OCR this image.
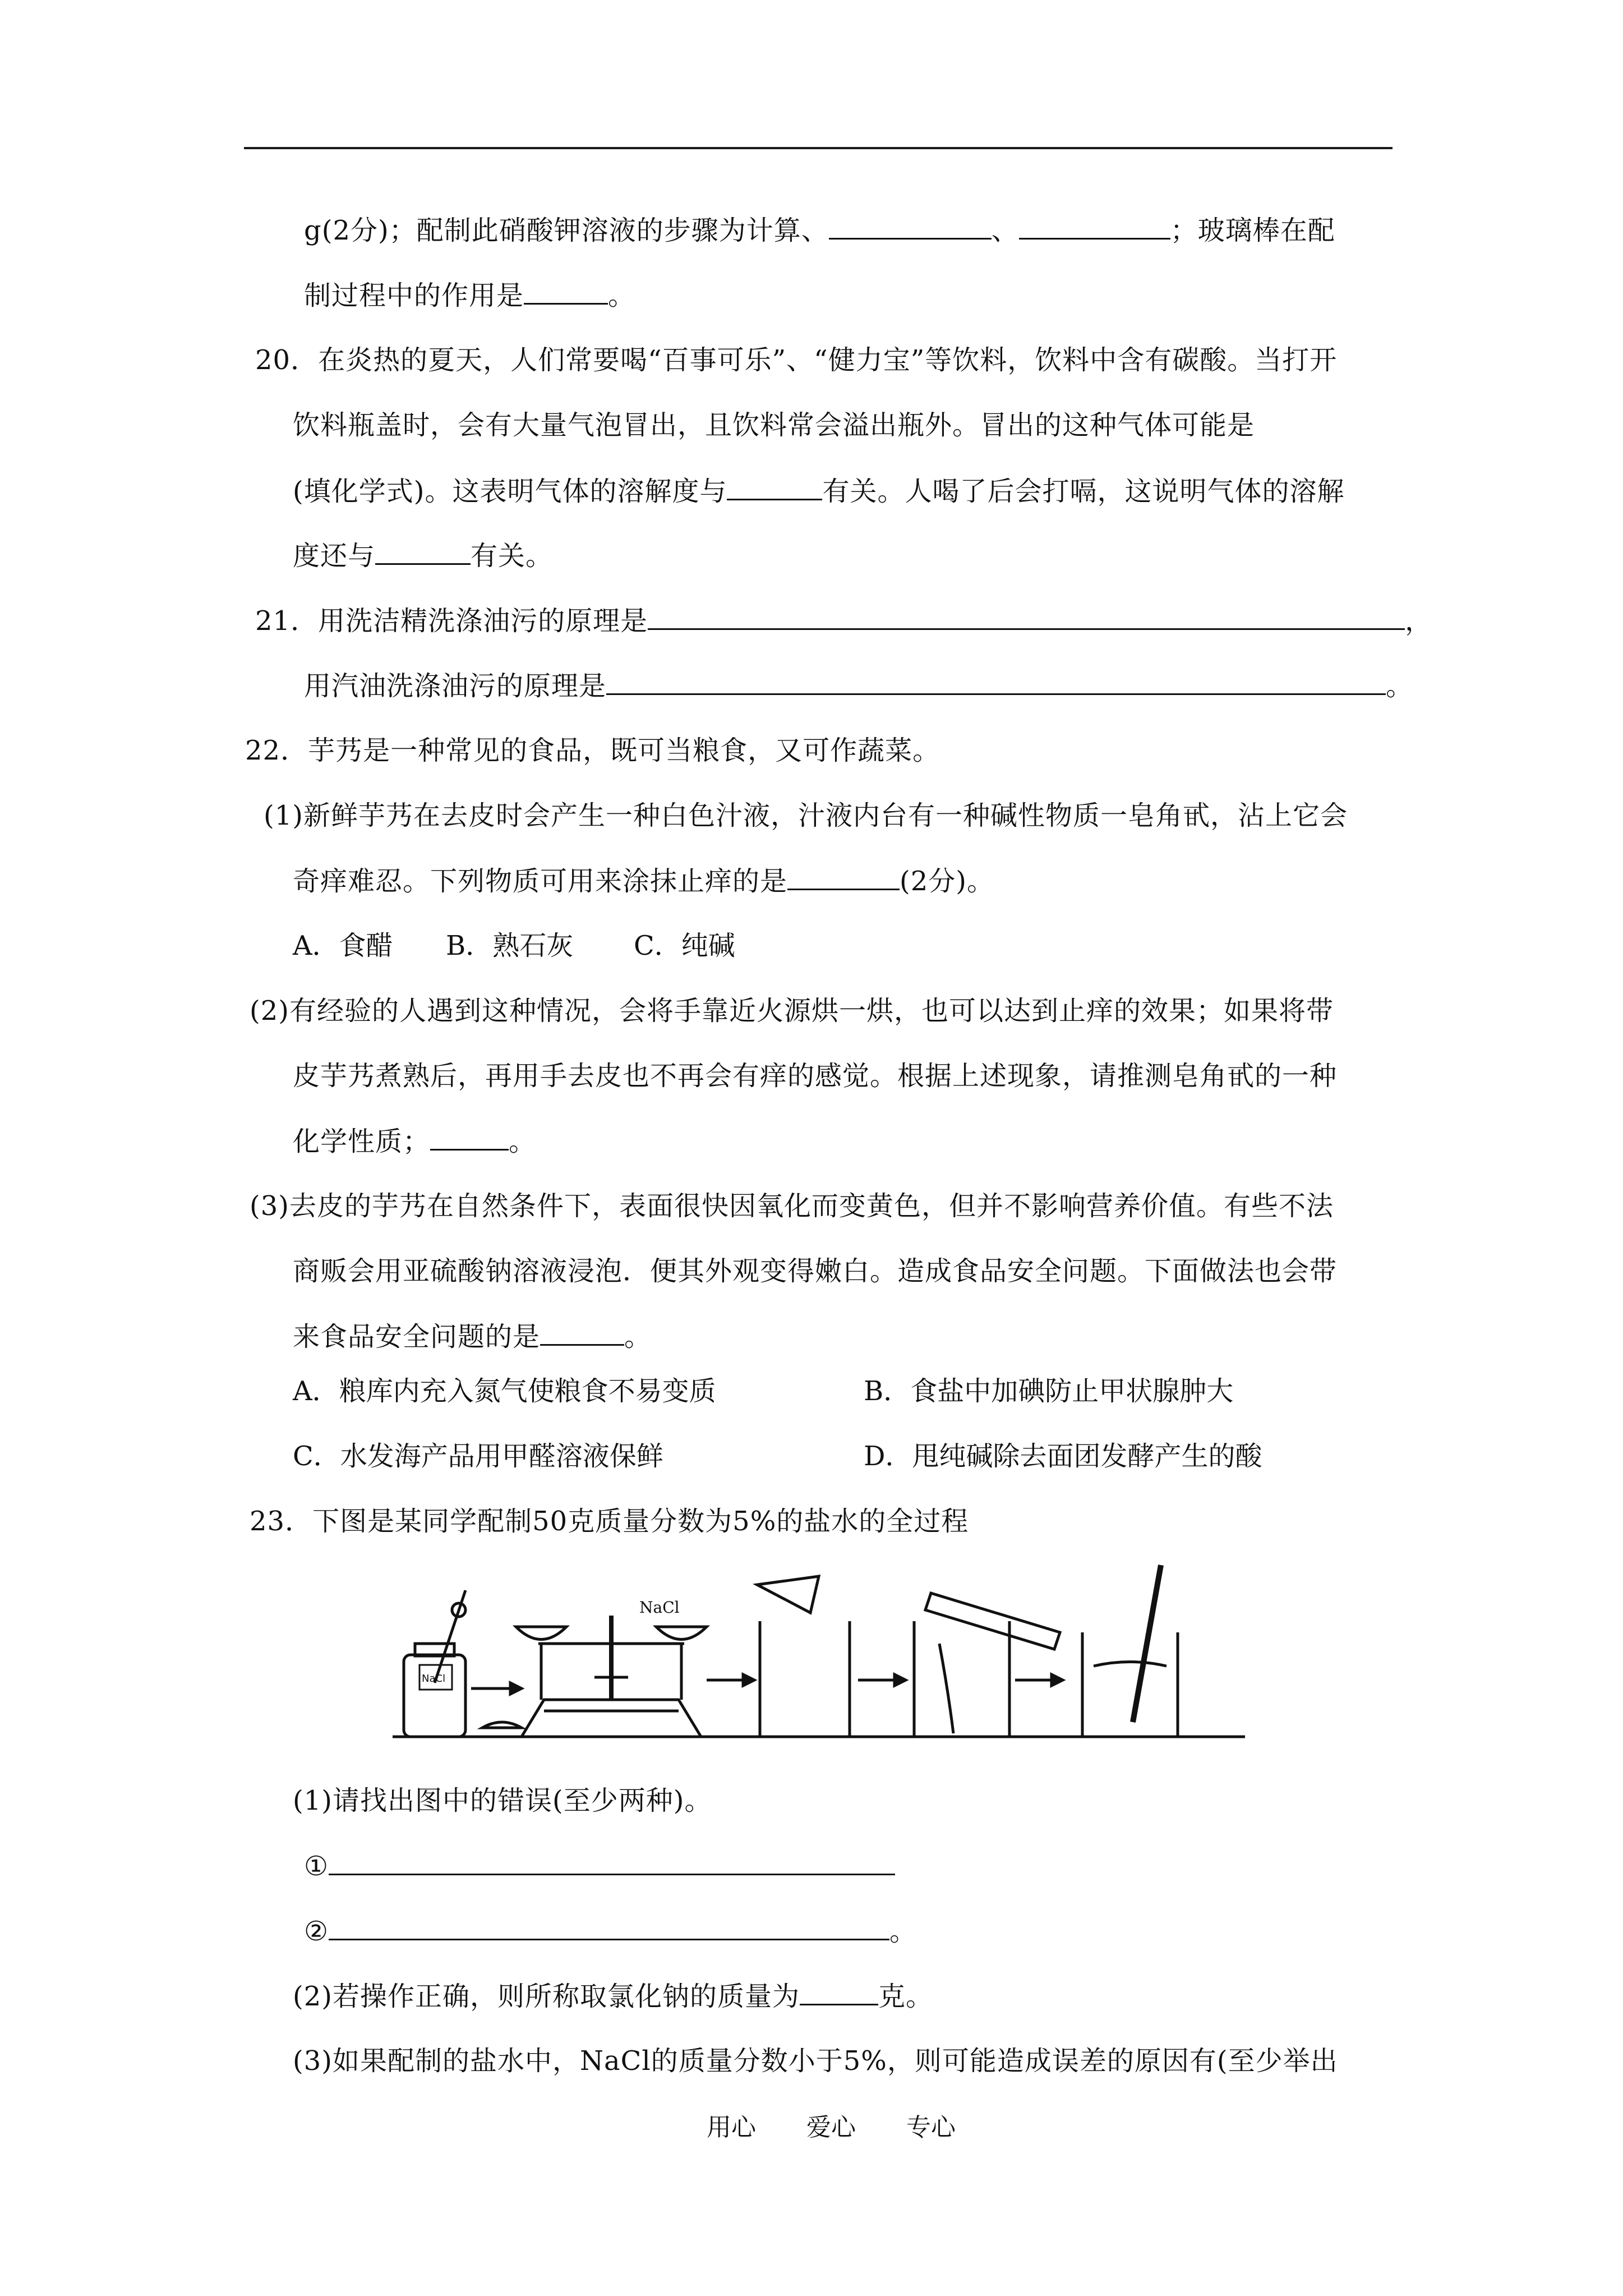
g(2分)；配制此硝酸钾溶液的步骤为计算、	、	；玻璃棒在配
制过程中的作用是	。
20．在炎热的夏天，人们常要喝“百事可乐”、“健力宝”等饮料，饮料中含有碳酸。当打开
饮料瓶盖时，会有大量气泡冒出，且饮料常会溢出瓶外。冒出的这种气体可能是
(填化学式)。这表明气体的溶解度与	有关。人喝了后会打嗝，这说明气体的溶解
度还与	有关。
21．用洗洁精洗涤油污的原理是	，
用汽油洗涤油污的原理是	。
22．芋艿是一种常见的食品，既可当粮食，又可作蔬菜。
(1)新鲜芋艿在去皮时会产生一种白色汁液，汁液内台有一种碱性物质一皂角甙，沾上它会
奇痒难忍。下列物质可用来涂抹止痒的是	(2分)。
A．食醋 B．熟石灰 C．纯碱
(2)有经验的人遇到这种情况，会将手靠近火源烘一烘，也可以达到止痒的效果；如果将带
皮芋艿煮熟后，再用手去皮也不再会有痒的感觉。根据上述现象，请推测皂角甙的一种
化学性质；	。
(3)去皮的芋艿在自然条件下，表面很快因氧化而变黄色，但并不影响营养价值。有些不法
商贩会用亚硫酸钠溶液浸泡．便其外观变得嫩白。造成食品安全问题。下面做法也会带
来食品安全问题的是	。
A．粮库内充入氮气使粮食不易变质	B．食盐中加碘防止甲状腺肿大
C．水发海产品用甲醛溶液保鲜	D．甩纯碱除去面团发酵产生的酸
23．下图是某同学配制50克质量分数为5%的盐水的全过程
NaCl
NaCl
(1)请找出图中的错误(至少两种)。
①
②	。
(2)若操作正确，则所称取氯化钠的质量为	克。
(3)如果配制的盐水中，NaCl的质量分数小于5%，则可能造成误差的原因有(至少举出
用心 爱心 专心
